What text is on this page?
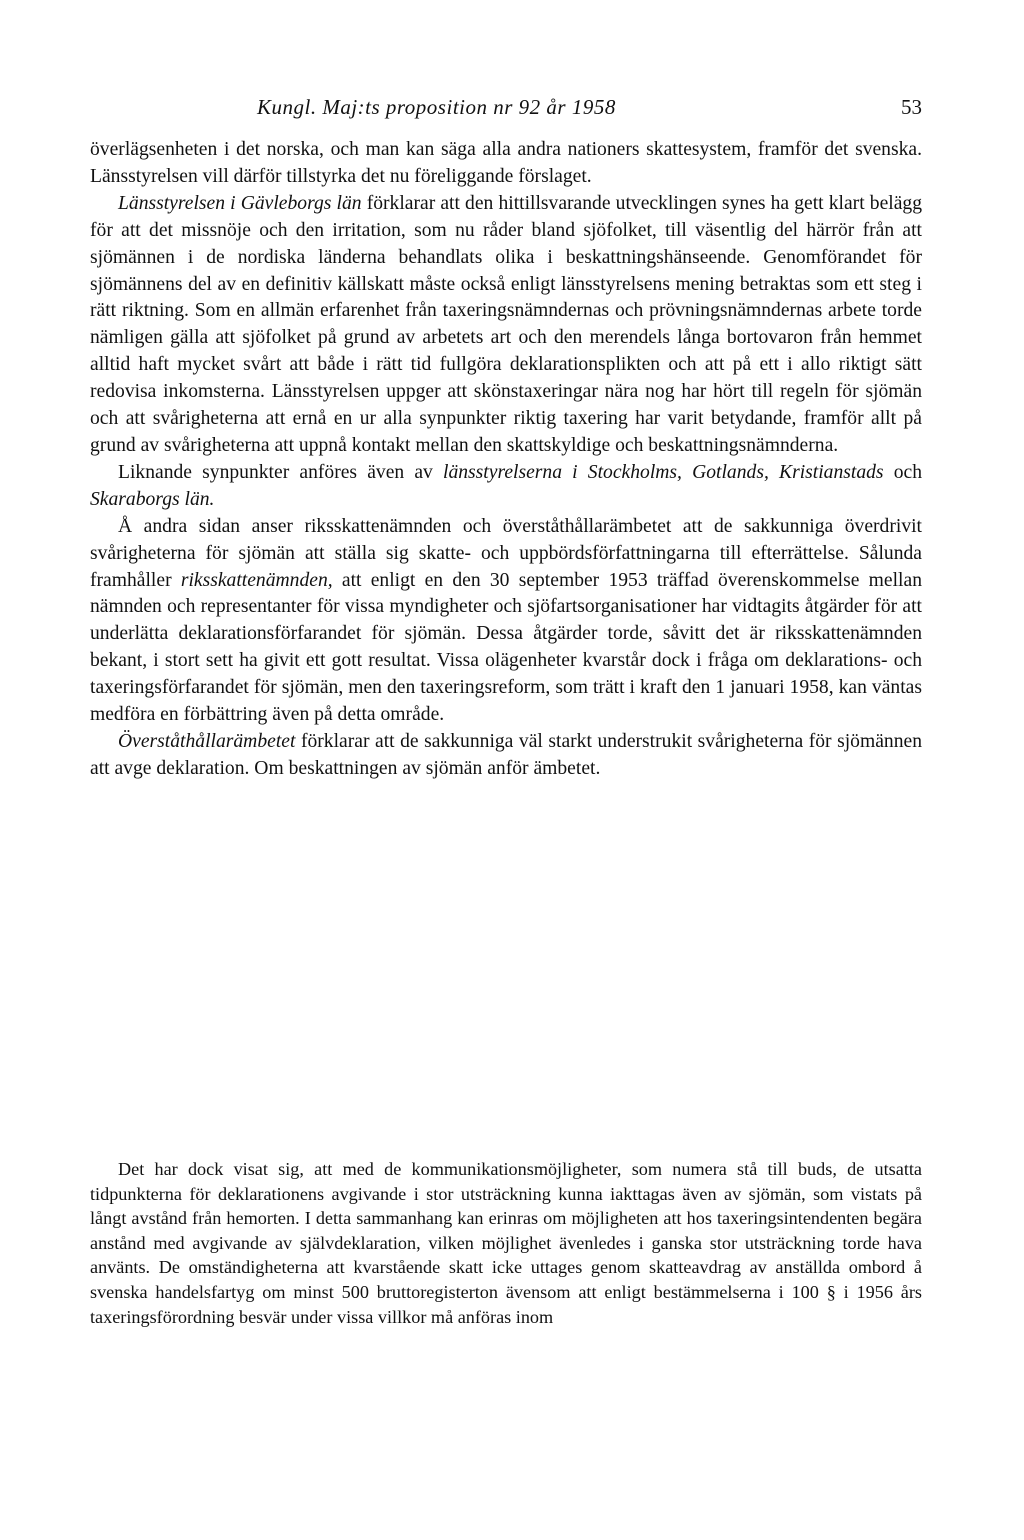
Kungl. Maj:ts proposition nr 92 år 1958	53

överlägsenheten i det norska, och man kan säga alla andra nationers skattesystem, framför det svenska. Länsstyrelsen vill därför tillstyrka det nu föreliggande förslaget.

Länsstyrelsen i Gävleborgs län förklarar att den hittillsvarande utvecklingen synes ha gett klart belägg för att det missnöje och den irritation, som nu råder bland sjöfolket, till väsentlig del härrör från att sjömännen i de nordiska länderna behandlats olika i beskattningshänseende. Genomförandet för sjömännens del av en definitiv källskatt måste också enligt länsstyrelsens mening betraktas som ett steg i rätt riktning. Som en allmän erfarenhet från taxeringsnämndernas och prövningsnämndernas arbete torde nämligen gälla att sjöfolket på grund av arbetets art och den merendels långa bortovaron från hemmet alltid haft mycket svårt att både i rätt tid fullgöra deklarationsplikten och att på ett i allo riktigt sätt redovisa inkomsterna. Länsstyrelsen uppger att skönstaxeringar nära nog har hört till regeln för sjömän och att svårigheterna att ernå en ur alla synpunkter riktig taxering har varit betydande, framför allt på grund av svårigheterna att uppnå kontakt mellan den skattskyldige och beskattningsnämnderna.

Liknande synpunkter anföres även av länsstyrelserna i Stockholms, Gotlands, Kristianstads och Skaraborgs län.

Å andra sidan anser riksskattenämnden och överståthållarämbetet att de sakkunniga överdrivit svårigheterna för sjömän att ställa sig skatte- och uppbördsförfattningarna till efterrättelse. Sålunda framhåller riksskattenämnden, att enligt en den 30 september 1953 träffad överenskommelse mellan nämnden och representanter för vissa myndigheter och sjöfartsorganisationer har vidtagits åtgärder för att underlätta deklarationsförfarandet för sjömän. Dessa åtgärder torde, såvitt det är riksskattenämnden bekant, i stort sett ha givit ett gott resultat. Vissa olägenheter kvarstår dock i fråga om deklarations- och taxeringsförfarandet för sjömän, men den taxeringsreform, som trätt i kraft den 1 januari 1958, kan väntas medföra en förbättring även på detta område.

Överståthållarämbetet förklarar att de sakkunniga väl starkt understrukit svårigheterna för sjömännen att avge deklaration. Om beskattningen av sjömän anför ämbetet.

Det har dock visat sig, att med de kommunikationsmöjligheter, som numera stå till buds, de utsatta tidpunkterna för deklarationens avgivande i stor utsträckning kunna iakttagas även av sjömän, som vistats på långt avstånd från hemorten. I detta sammanhang kan erinras om möjligheten att hos taxeringsintendenten begära anstånd med avgivande av självdeklaration, vilken möjlighet ävenledes i ganska stor utsträckning torde hava använts. De omständigheterna att kvarstående skatt icke uttages genom skatteavdrag av anställda ombord å svenska handelsfartyg om minst 500 bruttoregisterton ävensom att enligt bestämmelserna i 100 § i 1956 års taxeringsförordning besvär under vissa villkor må anföras inom
